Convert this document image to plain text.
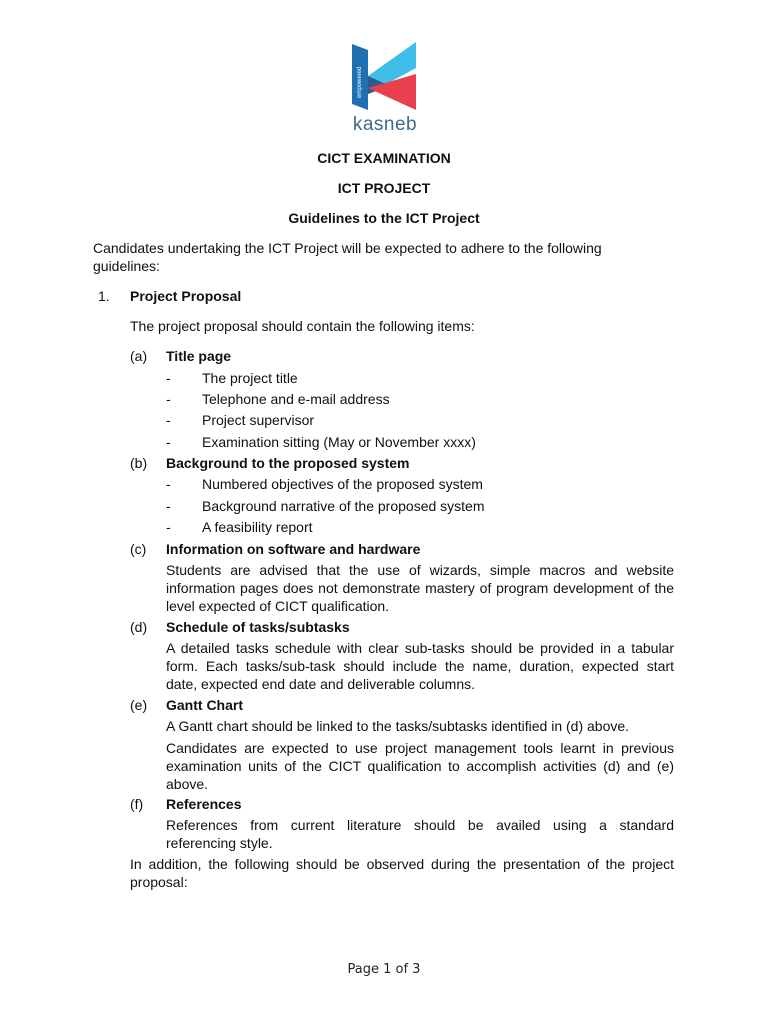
empowered
kasneb
CICT EXAMINATION
ICT PROJECT
Guidelines to the ICT Project
Candidates undertaking the ICT Project will be expected to adhere to the following
guidelines:
1. Project Proposal
The project proposal should contain the following items:
(a) Title page
- The project title
- Telephone and e-mail address
- Project supervisor
- Examination sitting (May or November xxxx)
(b) Background to the proposed system
- Numbered objectives of the proposed system
- Background narrative of the proposed system
- A feasibility report
(c) Information on software and hardware
Students are advised that the use of wizards, simple macros and website
information pages does not demonstrate mastery of program development of the
level expected of CICT qualification.
(d) Schedule of tasks/subtasks
A detailed tasks schedule with clear sub-tasks should be provided in a tabular
form. Each tasks/sub-task should include the name, duration, expected start
date, expected end date and deliverable columns.
(e) Gantt Chart
A Gantt chart should be linked to the tasks/subtasks identified in (d) above.
Candidates are expected to use project management tools learnt in previous
examination units of the CICT qualification to accomplish activities (d) and (e)
above.
(f) References
References from current literature should be availed using a standard
referencing style.
In addition, the following should be observed during the presentation of the project
proposal:
Page 1 of 3
